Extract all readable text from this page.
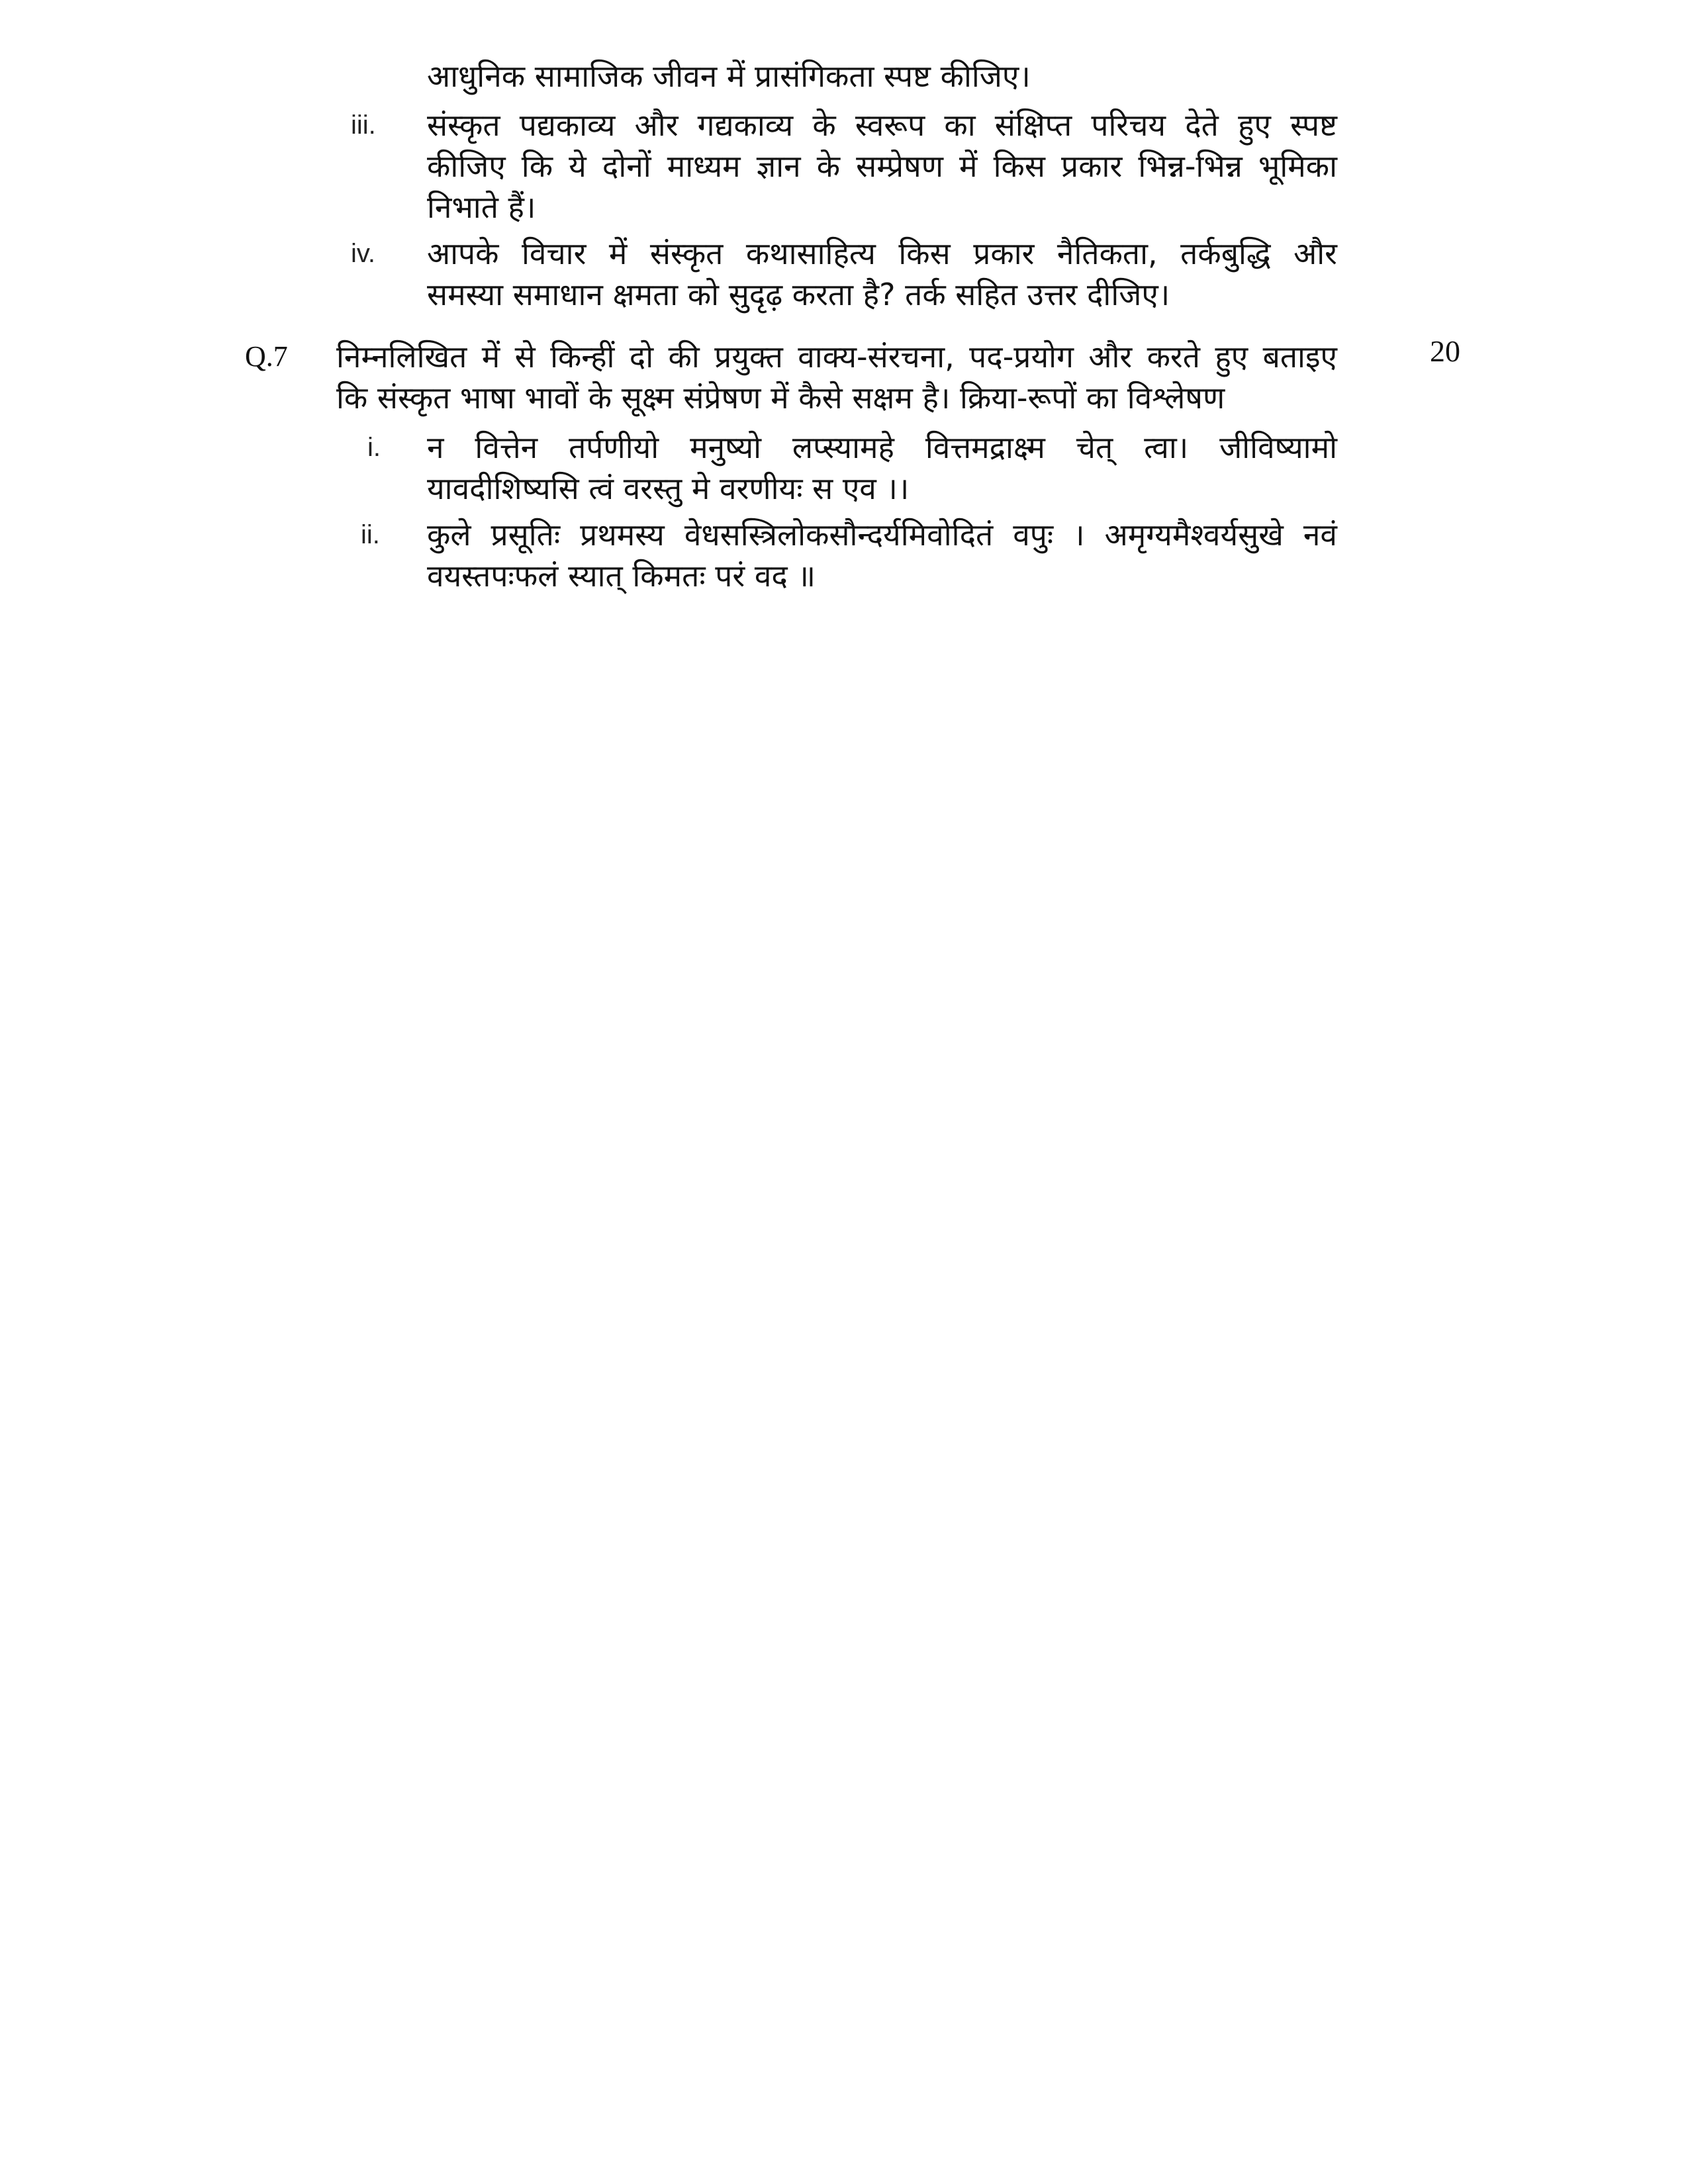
आधुनिक सामाजिक जीवन में प्रासंगिकता स्पष्ट कीजिए।
iii. संस्कृत पद्यकाव्य और गद्यकाव्य के स्वरूप का संक्षिप्त परिचय देते हुए स्पष्ट
कीजिए कि ये दोनों माध्यम ज्ञान के सम्प्रेषण में किस प्रकार भिन्न-भिन्न भूमिका
निभाते हैं।
iv. आपके विचार में संस्कृत कथासाहित्य किस प्रकार नैतिकता, तर्कबुद्धि और
समस्या समाधान क्षमता को सुदृढ़ करता है? तर्क सहित उत्तर दीजिए।
Q.7	20
निम्नलिखित में से किन्हीं दो की प्रयुक्त वाक्य-संरचना, पद-प्रयोग और करते हुए बताइए
कि संस्कृत भाषा भावों के सूक्ष्म संप्रेषण में कैसे सक्षम है। क्रिया-रूपों का विश्लेषण
i. न वित्तेन तर्पणीयो मनुष्यो लप्स्यामहे वित्तमद्राक्ष्म चेत् त्वा। जीविष्यामो
यावदीशिष्यसि त्वं वरस्तु मे वरणीयः स एव ।।
ii. कुले प्रसूतिः प्रथमस्य वेधसस्त्रिलोकसौन्दर्यमिवोदितं वपुः । अमृग्यमैश्वर्यसुखे नवं
वयस्तपःफलं स्यात् किमतः परं वद ॥
